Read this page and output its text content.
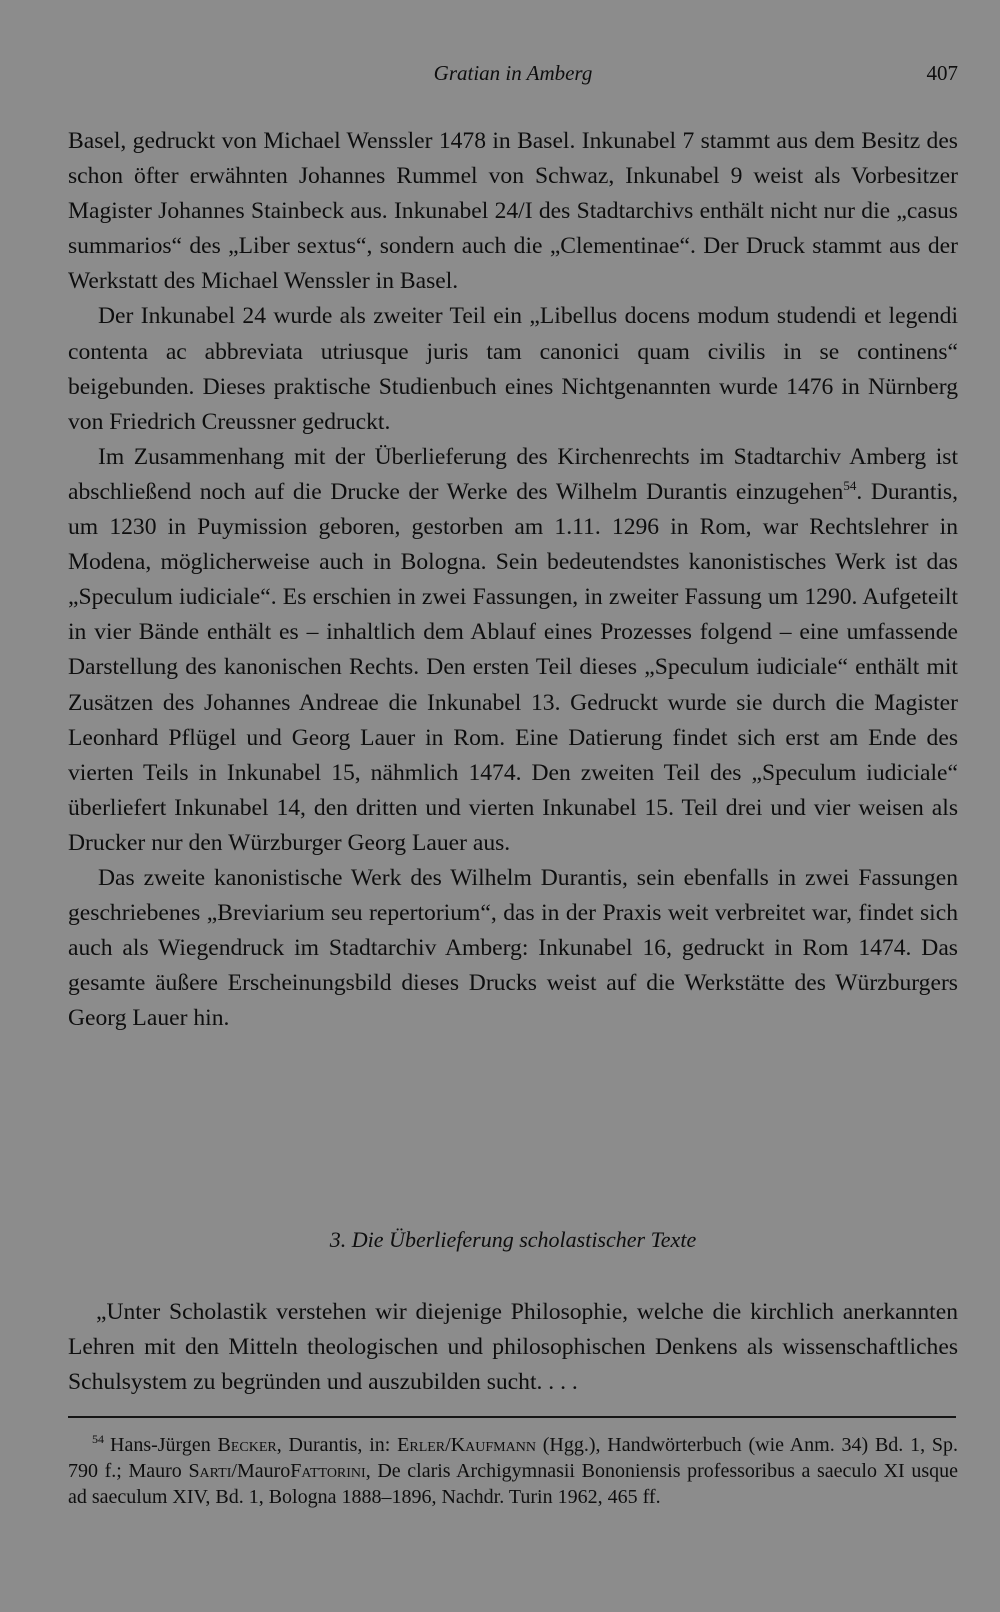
Gratian in Amberg	407

Basel, gedruckt von Michael Wenssler 1478 in Basel. Inkunabel 7 stammt aus dem Besitz des schon öfter erwähnten Johannes Rummel von Schwaz, Inkunabel 9 weist als Vorbesitzer Magister Johannes Stainbeck aus. Inkunabel 24/I des Stadtarchivs enthält nicht nur die „casus summarios“ des „Liber sextus“, sondern auch die „Clementinae“. Der Druck stammt aus der Werkstatt des Michael Wenssler in Basel.

Der Inkunabel 24 wurde als zweiter Teil ein „Libellus docens modum studendi et legendi contenta ac abbreviata utriusque juris tam canonici quam civilis in se continens“ beigebunden. Dieses praktische Studienbuch eines Nichtgenannten wurde 1476 in Nürnberg von Friedrich Creussner gedruckt.

Im Zusammenhang mit der Überlieferung des Kirchenrechts im Stadtarchiv Amberg ist abschließend noch auf die Drucke der Werke des Wilhelm Durantis einzugehen$^{54}$. Durantis, um 1230 in Puymission geboren, gestorben am 1.11. 1296 in Rom, war Rechtslehrer in Modena, möglicherweise auch in Bologna. Sein bedeutendstes kanonistisches Werk ist das „Speculum iudiciale“. Es erschien in zwei Fassungen, in zweiter Fassung um 1290. Aufgeteilt in vier Bände enthält es – inhaltlich dem Ablauf eines Prozesses folgend – eine umfassende Darstellung des kanonischen Rechts. Den ersten Teil dieses „Speculum iudiciale“ enthält mit Zusätzen des Johannes Andreae die Inkunabel 13. Gedruckt wurde sie durch die Magister Leonhard Pflügel und Georg Lauer in Rom. Eine Datierung findet sich erst am Ende des vierten Teils in Inkunabel 15, nähmlich 1474. Den zweiten Teil des „Speculum iudiciale“ überliefert Inkunabel 14, den dritten und vierten Inkunabel 15. Teil drei und vier weisen als Drucker nur den Würzburger Georg Lauer aus.

Das zweite kanonistische Werk des Wilhelm Durantis, sein ebenfalls in zwei Fassungen geschriebenes „Breviarium seu repertorium“, das in der Praxis weit verbreitet war, findet sich auch als Wiegendruck im Stadtarchiv Amberg: Inkunabel 16, gedruckt in Rom 1474. Das gesamte äußere Erscheinungsbild dieses Drucks weist auf die Werkstätte des Würzburgers Georg Lauer hin.

3. Die Überlieferung scholastischer Texte

„Unter Scholastik verstehen wir diejenige Philosophie, welche die kirchlich anerkannten Lehren mit den Mitteln theologischen und philosophischen Denkens als wissenschaftliches Schulsystem zu begründen und auszubilden sucht. . . .

$^{54}$ Hans-Jürgen Becker, Durantis, in: Erler/Kaufmann (Hgg.), Handwörterbuch (wie Anm. 34) Bd. 1, Sp. 790 f.; Mauro Sarti/MauroFattorini, De claris Archigymnasii Bononiensis professoribus a saeculo XI usque ad saeculum XIV, Bd. 1, Bologna 1888–1896, Nachdr. Turin 1962, 465 ff.
